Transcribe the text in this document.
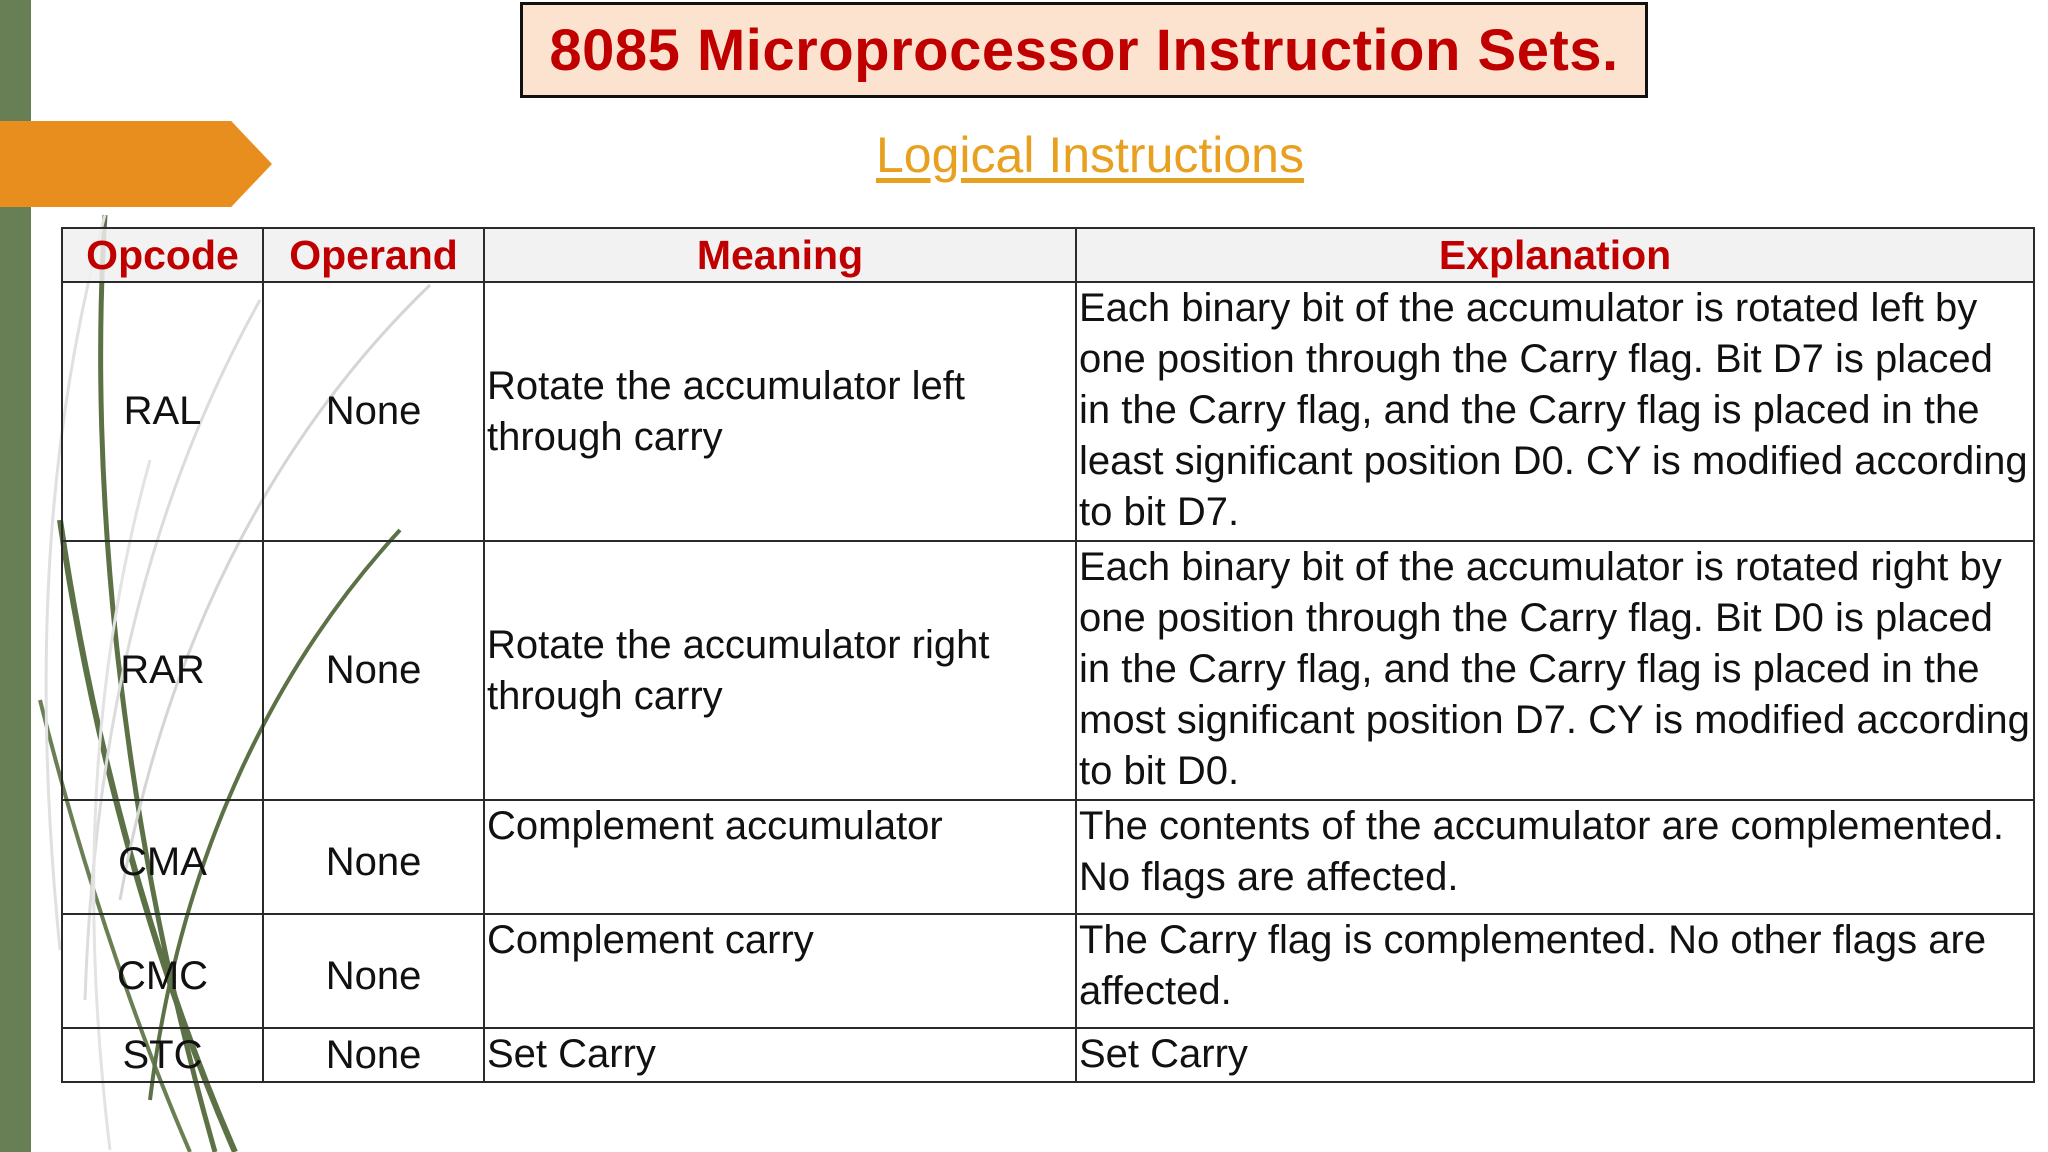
8085 Microprocessor Instruction Sets.
Logical Instructions
Opcode	Operand	Meaning	Explanation
RAL	None	Rotate the accumulator left through carry	Each binary bit of the accumulator is rotated left by one position through the Carry flag. Bit D7 is placed in the Carry flag, and the Carry flag is placed in the least significant position D0. CY is modified according to bit D7.
RAR	None	Rotate the accumulator right through carry	Each binary bit of the accumulator is rotated right by one position through the Carry flag. Bit D0 is placed in the Carry flag, and the Carry flag is placed in the most significant position D7. CY is modified according to bit D0.
CMA	None	Complement accumulator	The contents of the accumulator are complemented. No flags are affected.
CMC	None	Complement carry	The Carry flag is complemented. No other flags are affected.
STC	None	Set Carry	Set Carry
